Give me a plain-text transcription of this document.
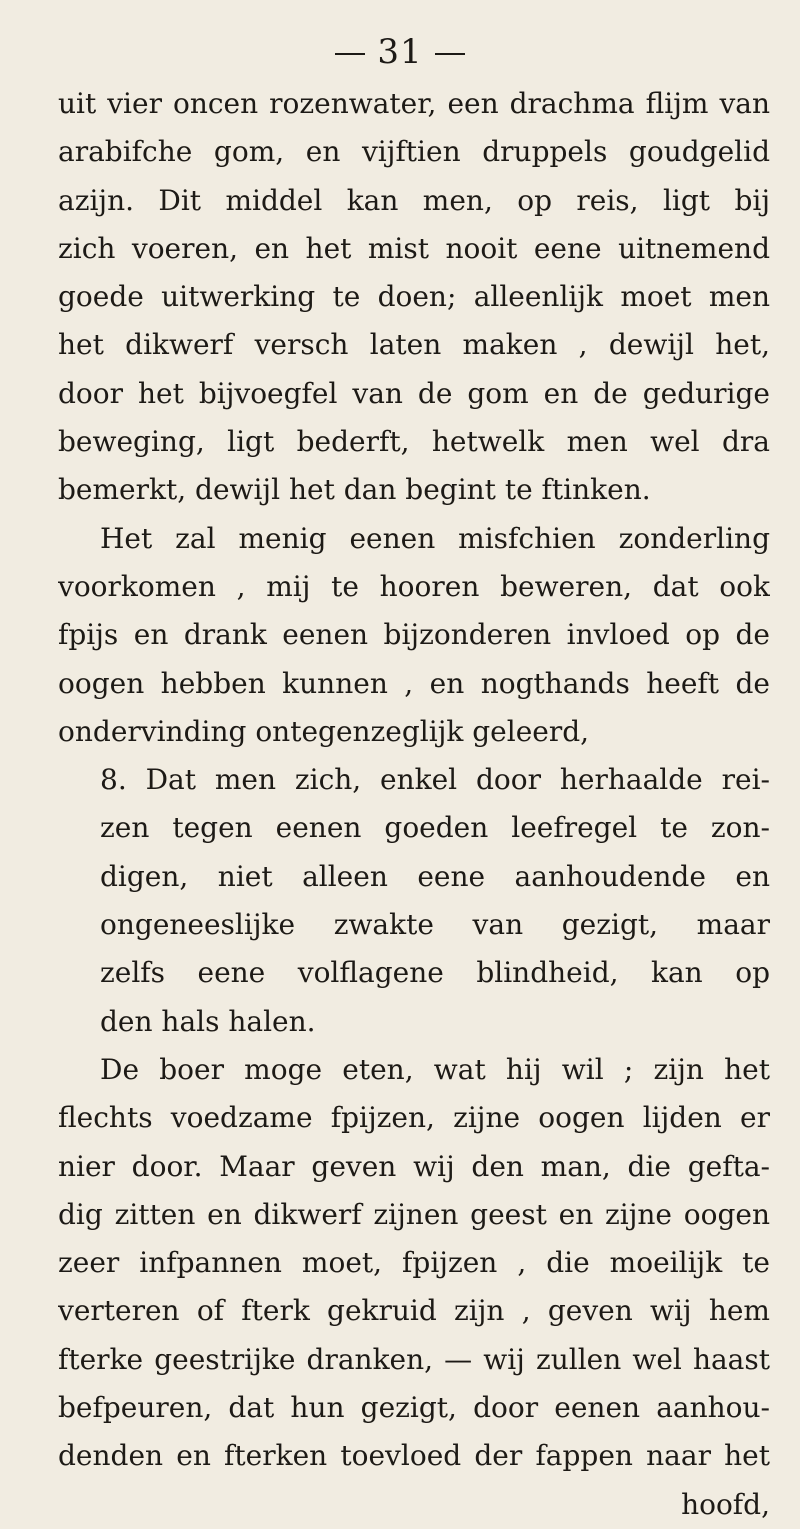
31
uit vier oncen rozenwater, een drachma flijm van
arabifche gom, en vijftien druppels goudgelid
azijn. Dit middel kan men, op reis, ligt bij
zich voeren, en het mist nooit eene uitnemend
goede uitwerking te doen; alleenlijk moet men
het dikwerf versch laten maken , dewijl het,
door het bijvoegfel van de gom en de gedurige
beweging, ligt bederft, hetwelk men wel dra
bemerkt, dewijl het dan begint te ftinken.
Het zal menig eenen misfchien zonderling
voorkomen , mij te hooren beweren, dat ook
fpijs en drank eenen bijzonderen invloed op de
oogen hebben kunnen , en nogthands heeft de
ondervinding ontegenzeglijk geleerd,
8. Dat men zich, enkel door herhaalde rei-
zen tegen eenen goeden leefregel te zon-
digen, niet alleen eene aanhoudende en
ongeneeslijke zwakte van gezigt, maar
zelfs eene volflagene blindheid, kan op
den hals halen.
De boer moge eten, wat hij wil ; zijn het
flechts voedzame fpijzen, zijne oogen lijden er
nier door. Maar geven wij den man, die gefta-
dig zitten en dikwerf zijnen geest en zijne oogen
zeer infpannen moet, fpijzen , die moeilijk te
verteren of fterk gekruid zijn , geven wij hem
fterke geestrijke dranken, — wij zullen wel haast
befpeuren, dat hun gezigt, door eenen aanhou-
denden en fterken toevloed der fappen naar het
hoofd,
